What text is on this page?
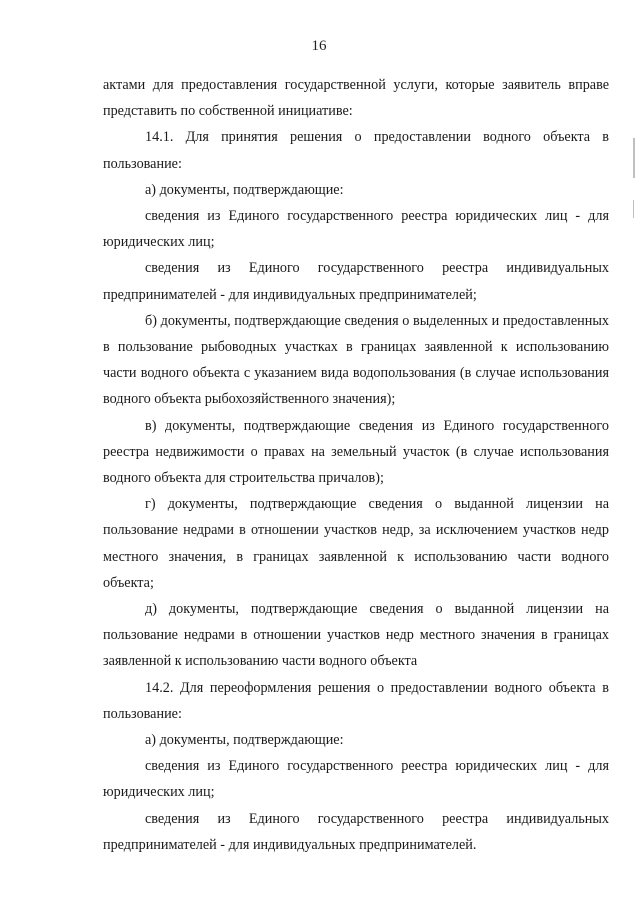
16

актами для предоставления государственной услуги, которые заявитель вправе представить по собственной инициативе:

14.1. Для принятия решения о предоставлении водного объекта в пользование:

а) документы, подтверждающие:

сведения из Единого государственного реестра юридических лиц - для юридических лиц;

сведения из Единого государственного реестра индивидуальных предпринимателей - для индивидуальных предпринимателей;

б) документы, подтверждающие сведения о выделенных и предоставленных в пользование рыбоводных участках в границах заявленной к использованию части водного объекта с указанием вида водопользования (в случае использования водного объекта рыбохозяйственного значения);

в) документы, подтверждающие сведения из Единого государственного реестра недвижимости о правах на земельный участок (в случае использования водного объекта для строительства причалов);

г) документы, подтверждающие сведения о выданной лицензии на пользование недрами в отношении участков недр, за исключением участков недр местного значения, в границах заявленной к использованию части водного объекта;

д) документы, подтверждающие сведения о выданной лицензии на пользование недрами в отношении участков недр местного значения в границах заявленной к использованию части водного объекта

14.2. Для переоформления решения о предоставлении водного объекта в пользование:

а) документы, подтверждающие:

сведения из Единого государственного реестра юридических лиц - для юридических лиц;

сведения из Единого государственного реестра индивидуальных предпринимателей - для индивидуальных предпринимателей.
